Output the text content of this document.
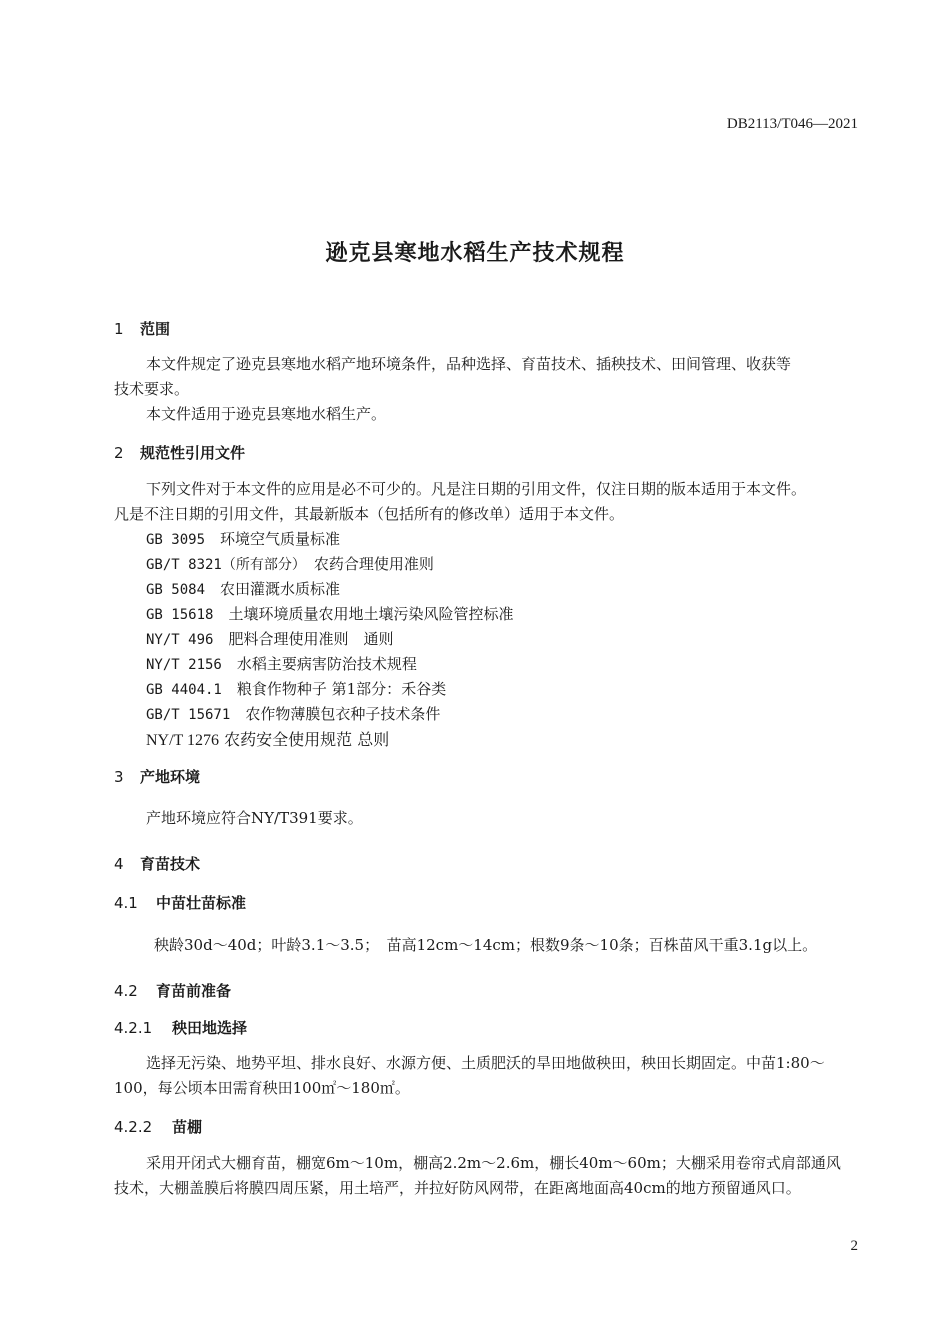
DB2113/T046—2021
逊克县寒地水稻生产技术规程
1 范围
本文件规定了逊克县寒地水稻产地环境条件，品种选择、育苗技术、插秧技术、田间管理、收获等
技术要求。
本文件适用于逊克县寒地水稻生产。
2 规范性引用文件
下列文件对于本文件的应用是必不可少的。凡是注日期的引用文件，仅注日期的版本适用于本文件。
凡是不注日期的引用文件，其最新版本（包括所有的修改单）适用于本文件。
GB 3095　 环境空气质量标准
GB/T 8321（所有部分）　 农药合理使用准则
GB 5084　 农田灌溉水质标准
GB 15618　 土壤环境质量农用地土壤污染风险管控标准
NY/T 496　 肥料合理使用准则　通则
NY/T 2156　 水稻主要病害防治技术规程
GB 4404.1　 粮食作物种子 第1部分：禾谷类
GB/T 15671　 农作物薄膜包衣种子技术条件
NY/T 1276 农药安全使用规范 总则
3 产地环境
产地环境应符合NY/T391要求。
4 育苗技术
4.1 中苗壮苗标准
秧龄30d～40d；叶龄3.1～3.5；　苗高12cm～14cm；根数9条～10条；百株苗风干重3.1g以上。
4.2 育苗前准备
4.2.1 秧田地选择
选择无污染、地势平坦、排水良好、水源方便、土质肥沃的旱田地做秧田，秧田长期固定。中苗1:80～
100，每公顷本田需育秧田100㎡～180㎡。
4.2.2 苗棚
采用开闭式大棚育苗，棚宽6m～10m，棚高2.2m～2.6m，棚长40m～60m；大棚采用卷帘式肩部通风
技术，大棚盖膜后将膜四周压紧，用土培严，并拉好防风网带，在距离地面高40cm的地方预留通风口。
2
